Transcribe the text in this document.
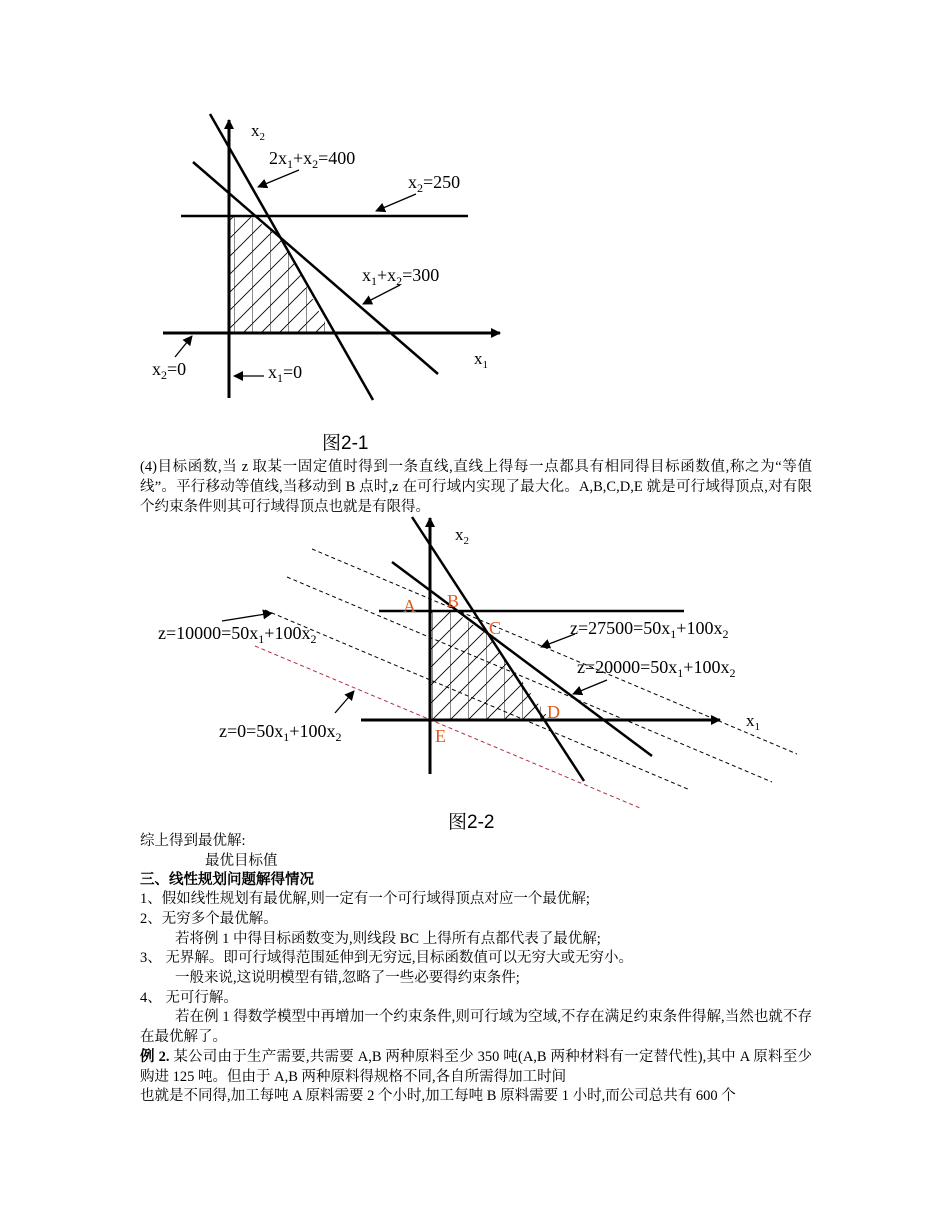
$x_2$
$x_1$
$2x_1+x_2=400$
$x_2=250$
$x_1+x_2=300$
$x_2=0$	$x_1=0$
A B
C
D
E
$x_2$
$x_1$
$z=10000=50x_1+100x_2$
$z=27500=50x_1+100x_2$
$z=20000=50x_1+100x_2$
$z=0=50x_1+100x_2$
图2-1
(4)目标函数,当 z 取某一固定值时得到一条直线,直线上得每一点都具有相同得目标函数值,称之为“等值线”。平行移动等值线,当移动到 B 点时,z 在可行域内实现了最大化。A,B,C,D,E 就是可行域得顶点,对有限个约束条件则其可行域得顶点也就是有限得。
图2-2
综上得到最优解:
最优目标值
三、线性规划问题解得情况
1、假如线性规划有最优解,则一定有一个可行域得顶点对应一个最优解;
2、无穷多个最优解。
若将例 1 中得目标函数变为,则线段 BC 上得所有点都代表了最优解;
3、 无界解。即可行域得范围延伸到无穷远,目标函数值可以无穷大或无穷小。
一般来说,这说明模型有错,忽略了一些必要得约束条件;
4、 无可行解。
若在例 1 得数学模型中再增加一个约束条件,则可行域为空域,不存在满足约束条件得解,当然也就不存在最优解了。
例 2. 某公司由于生产需要,共需要 A,B 两种原料至少 350 吨(A,B 两种材料有一定替代性),其中 A 原料至少购进 125 吨。但由于 A,B 两种原料得规格不同,各自所需得加工时间
也就是不同得,加工每吨 A 原料需要 2 个小时,加工每吨 B 原料需要 1 小时,而公司总共有 600 个
